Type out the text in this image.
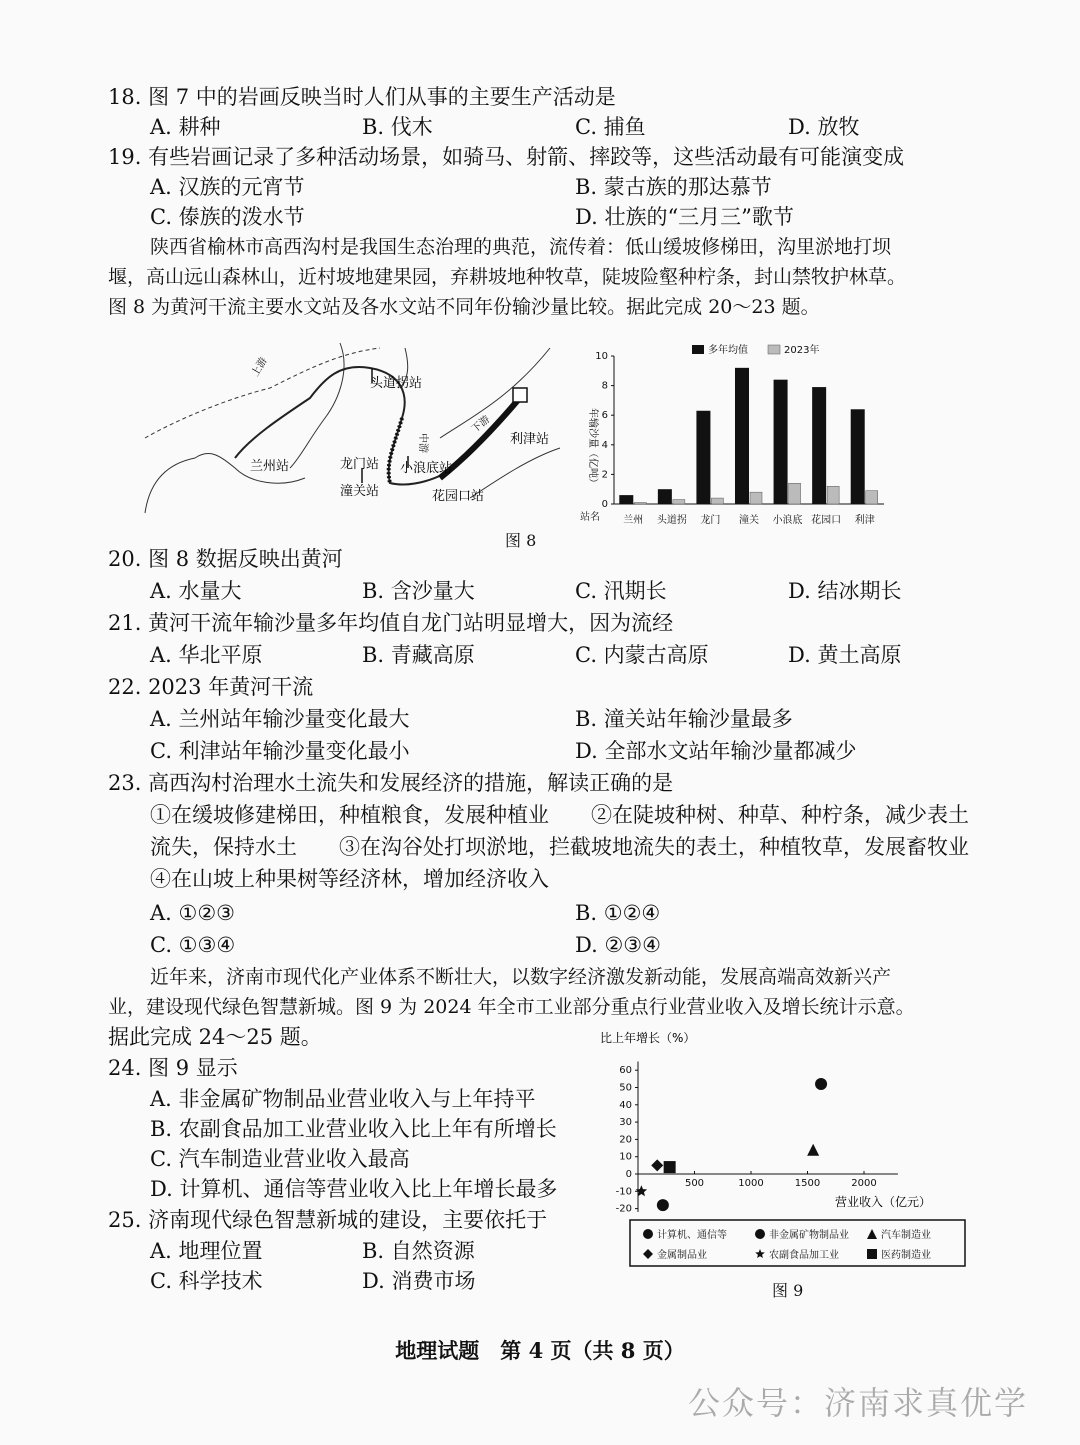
18. 图 7 中的岩画反映当时人们从事的主要生产活动是
A. 耕种	B. 伐木	C. 捕鱼	D. 放牧
19. 有些岩画记录了多种活动场景，如骑马、射箭、摔跤等，这些活动最有可能演变成
A. 汉族的元宵节	B. 蒙古族的那达慕节
C. 傣族的泼水节	D. 壮族的“三月三”歌节
陕西省榆林市高西沟村是我国生态治理的典范，流传着：低山缓坡修梯田，沟里淤地打坝
堰，高山远山森林山，近村坡地建果园，弃耕坡地种牧草，陡坡险壑种柠条，封山禁牧护林草。
图 8 为黄河干流主要水文站及各水文站不同年份输沙量比较。据此完成 20～23 题。
上游
中游
下游
头道拐站
兰州站	龙门站 小浪底站
潼关站	花园口站
利津站
多年均值	2023年
年输沙量（亿吨）
站名
0
2
4
6
8
10
兰州 头道拐 龙门 潼关 小浪底 花园口 利津
图 8
20. 图 8 数据反映出黄河
A. 水量大	B. 含沙量大	C. 汛期长	D. 结冰期长
21. 黄河干流年输沙量多年均值自龙门站明显增大，因为流经
A. 华北平原	B. 青藏高原	C. 内蒙古高原	D. 黄土高原
22. 2023 年黄河干流
A. 兰州站年输沙量变化最大	B. 潼关站年输沙量最多
C. 利津站年输沙量变化最小	D. 全部水文站年输沙量都减少
23. 高西沟村治理水土流失和发展经济的措施，解读正确的是
①在缓坡修建梯田，种植粮食，发展种植业　　②在陡坡种树、种草、种柠条，减少表土
流失，保持水土　　③在沟谷处打坝淤地，拦截坡地流失的表土，种植牧草，发展畜牧业
④在山坡上种果树等经济林，增加经济收入
A. ①②③	B. ①②④
C. ①③④	D. ②③④
近年来，济南市现代化产业体系不断壮大，以数字经济激发新动能，发展高端高效新兴产
业，建设现代绿色智慧新城。图 9 为 2024 年全市工业部分重点行业营业收入及增长统计示意。
据此完成 24～25 题。
24. 图 9 显示
A. 非金属矿物制品业营业收入与上年持平
B. 农副食品加工业营业收入比上年有所增长
C. 汽车制造业营业收入最高
D. 计算机、通信等营业收入比上年增长最多
25. 济南现代绿色智慧新城的建设，主要依托于
A. 地理位置	B. 自然资源
C. 科学技术	D. 消费市场
比上年增长（%）
营业收入（亿元）
60
50
40
30
20
10
0
-10
-20
500	1000	1500	2000
计算机、通信等	非金属矿物制品业	汽车制造业
金属制品业	农副食品加工业	医药制造业
图 9
地理试题　第 4 页（共 8 页）
公众号：济南求真优学
